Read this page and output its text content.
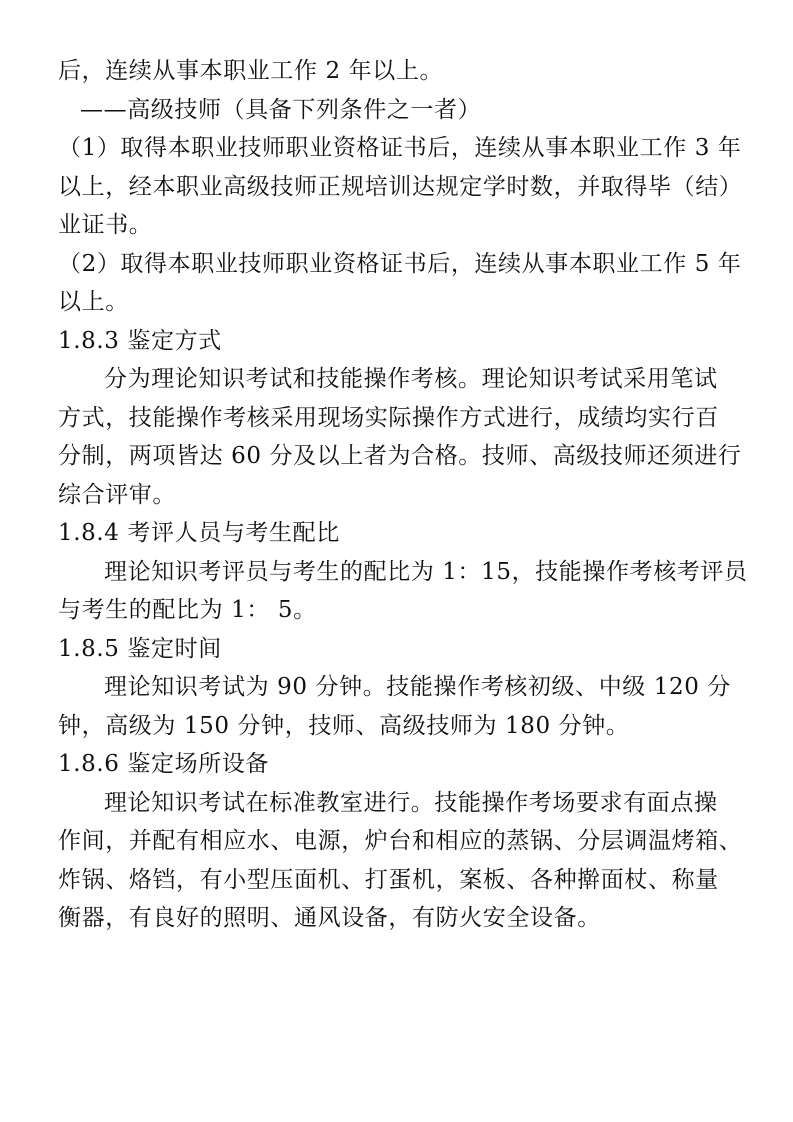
后，连续从事本职业工作 2 年以上。
——高级技师（具备下列条件之一者）
（1）取得本职业技师职业资格证书后，连续从事本职业工作 3 年
以上，经本职业高级技师正规培训达规定学时数，并取得毕（结）
业证书。
（2）取得本职业技师职业资格证书后，连续从事本职业工作 5 年
以上。
1.8.3 鉴定方式
分为理论知识考试和技能操作考核。理论知识考试采用笔试
方式，技能操作考核采用现场实际操作方式进行，成绩均实行百
分制，两项皆达 60 分及以上者为合格。技师、高级技师还须进行
综合评审。
1.8.4 考评人员与考生配比
理论知识考评员与考生的配比为 1：15，技能操作考核考评员
与考生的配比为 1： 5。
1.8.5 鉴定时间
理论知识考试为 90 分钟。技能操作考核初级、中级 120 分
钟，高级为 150 分钟，技师、高级技师为 180 分钟。
1.8.6 鉴定场所设备
理论知识考试在标准教室进行。技能操作考场要求有面点操
作间，并配有相应水、电源，炉台和相应的蒸锅、分层调温烤箱、
炸锅、烙铛，有小型压面机、打蛋机，案板、各种擀面杖、称量
衡器，有良好的照明、通风设备，有防火安全设备。
